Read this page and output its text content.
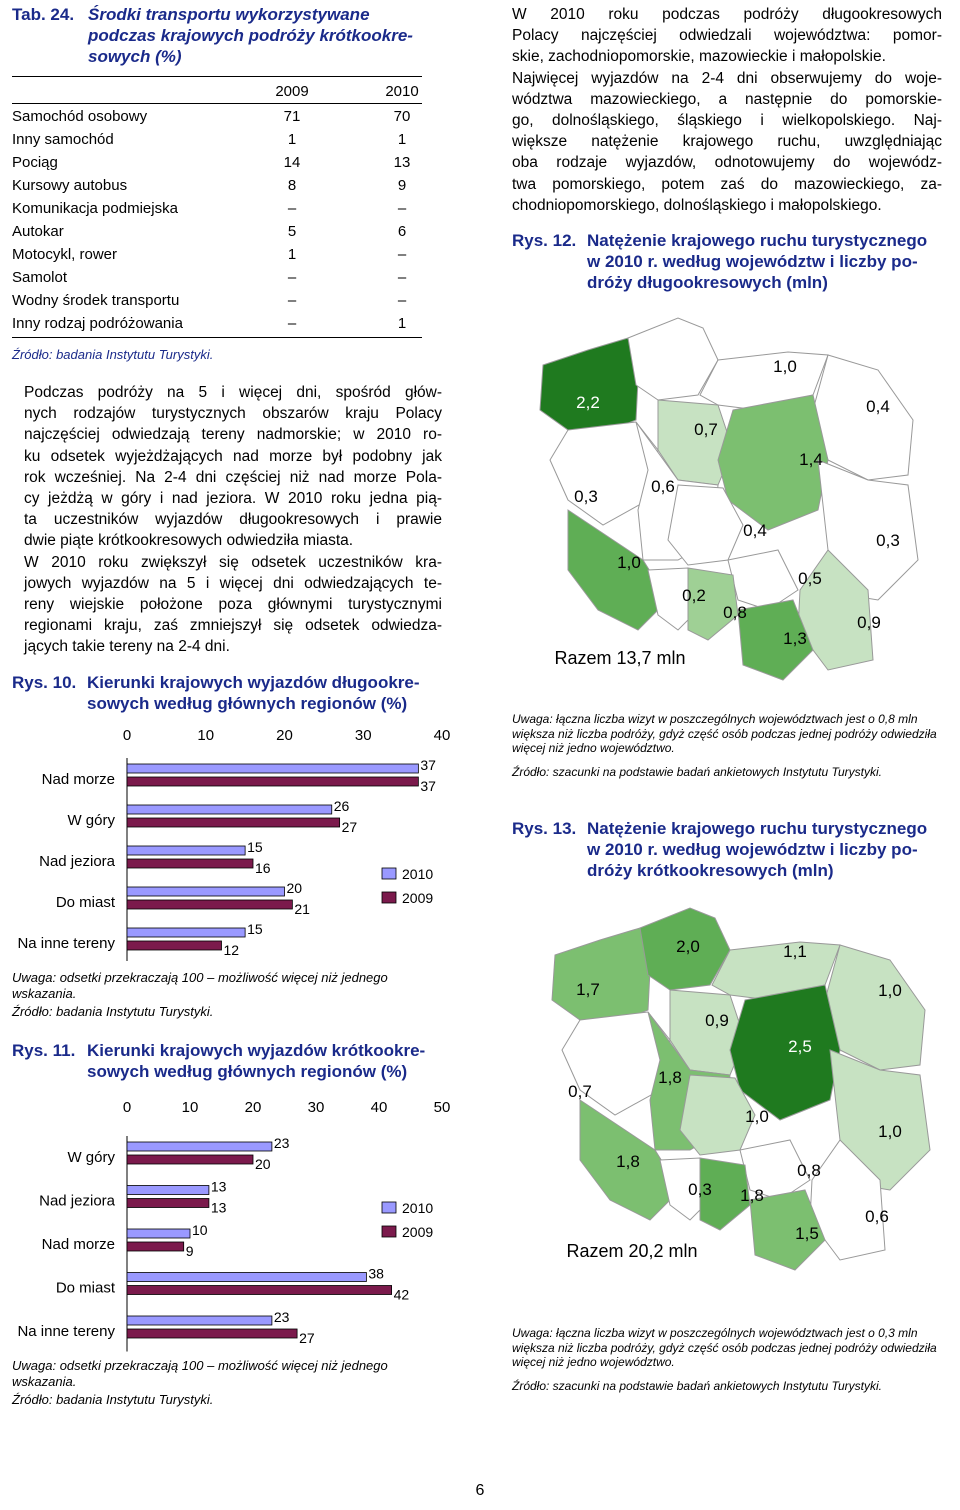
Tab. 24. Środki transportu wykorzystywane
podczas krajowych podróży krótkookre-
sowych (%)
2009	2010
Samochód osobowy	71	70
Inny samochód	1	1
Pociąg	14	13
Kursowy autobus	8	9
Komunikacja podmiejska	–	–
Autokar	5	6
Motocykl, rower	1	–
Samolot	–	–
Wodny środek transportu	–	–
Inny rodzaj podróżowania	–	1
Źródło: badania Instytutu Turystyki.
Podczas podróży na 5 i więcej dni, spośród głów-
nych rodzajów turystycznych obszarów kraju Polacy
najczęściej odwiedzają tereny nadmorskie; w 2010 ro-
ku odsetek wyjeżdżających nad morze był podobny jak
rok wcześniej. Na 2-4 dni częściej niż nad morze Pola-
cy jeżdżą w góry i nad jeziora. W 2010 roku jedna pią-
ta uczestników wyjazdów długookresowych i prawie
dwie piąte krótkookresowych odwiedziła miasta.
W 2010 roku zwiększył się odsetek uczestników kra-
jowych wyjazdów na 5 i więcej dni odwiedzających te-
reny wiejskie położone poza głównymi turystycznymi
regionami kraju, zaś zmniejszył się odsetek odwiedza-
jących takie tereny na 2-4 dni.
Rys. 10. Kierunki krajowych wyjazdów długookre-
sowych według głównych regionów (%)
0	10	20	30	40
Nad morze
37
37
W góry
26
27
Nad jeziora
15
16
Do miast
20
21
Na inne tereny
15
12
2010
2009
Uwaga: odsetki przekraczają 100 – możliwość więcej niż jednego wskazania.
Źródło: badania Instytutu Turystyki.
Rys. 11. Kierunki krajowych wyjazdów krótkookre-
sowych według głównych regionów (%)
0	10	20	30	40	50
W góry
23
20
Nad jeziora
13
13
Nad morze
10
9
Do miast
38
42
Na inne tereny
23
27
2010
2009
Uwaga: odsetki przekraczają 100 – możliwość więcej niż jednego wskazania.
Źródło: badania Instytutu Turystyki.
W 2010 roku podczas podróży długookresowych
Polacy najczęściej odwiedzali województwa: pomor-
skie, zachodniopomorskie, mazowieckie i małopolskie.
Najwięcej wyjazdów na 2-4 dni obserwujemy do woje-
wództwa mazowieckiego, a następnie do pomorskie-
go, dolnośląskiego, śląskiego i wielkopolskiego. Naj-
większe natężenie krajowego ruchu, uwzględniając
oba rodzaje wyjazdów, odnotowujemy do wojewódz-
twa pomorskiego, potem zaś do mazowieckiego, za-
chodniopomorskiego, dolnośląskiego i małopolskiego.
Rys. 12. Natężenie krajowego ruchu turystycznego
w 2010 r. według województw i liczby po-
dróży długookresowych (mln)
2,5	1,0
2,2	0,4
0,7
1,4
0,3
0,6
0,4
0,3
1,0
0,5
0,2
0,8
0,9
1,3
Razem 13,7 mln
Uwaga: łączna liczba wizyt w poszczególnych województwach jest o 0,8 mln większa niż liczba podróży, gdyż część osób podczas jednej podróży odwiedziła więcej niż jedno województwo.
Źródło: szacunki na podstawie badań ankietowych Instytutu Turystyki.
Rys. 13. Natężenie krajowego ruchu turystycznego
w 2010 r. według województw i liczby po-
dróży krótkookresowych (mln)
2,0	1,1
1,7	1,0
0,9
2,5
1,8
0,7
1,0
1,0
1,8	0,8
0,3 1,8
0,6
1,5
Razem 20,2 mln
Uwaga: łączna liczba wizyt w poszczególnych województwach jest o 0,3 mln większa niż liczba podróży, gdyż część osób podczas jednej podróży odwiedziła więcej niż jedno województwo.
Źródło: szacunki na podstawie badań ankietowych Instytutu Turystyki.
6
